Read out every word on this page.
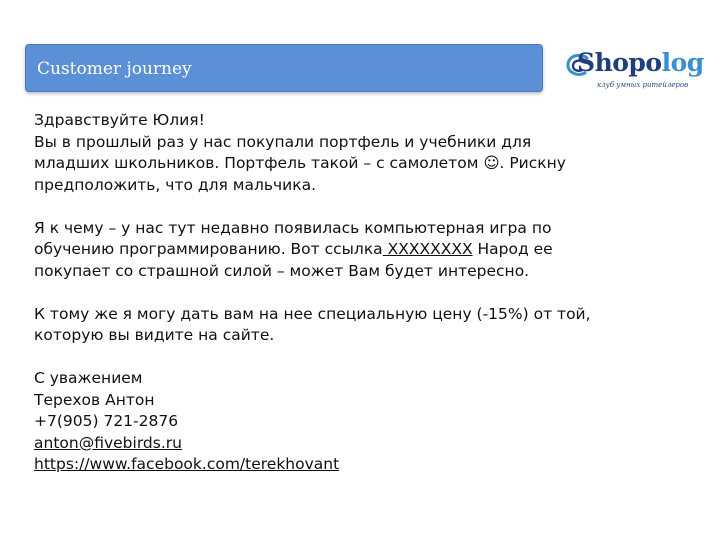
Customer journey	S hopo log
клуб умных ритейлеров

Здравствуйте Юлия!

Вы в прошлый раз у нас покупали портфель и учебники для младших школьников. Портфель такой – с самолетом ☺. Рискну предположить, что для мальчика.

Я к чему – у нас тут недавно появилась компьютерная игра по обучению программированию. Вот ссылка XXXXXXXX Народ ее покупает со страшной силой – может Вам будет интересно.

К тому же я могу дать вам на нее специальную цену (-15%) от той, которую вы видите на сайте.

С уважением
Терехов Антон
+7(905) 721-2876
anton@fivebirds.ru
https://www.facebook.com/terekhovant
